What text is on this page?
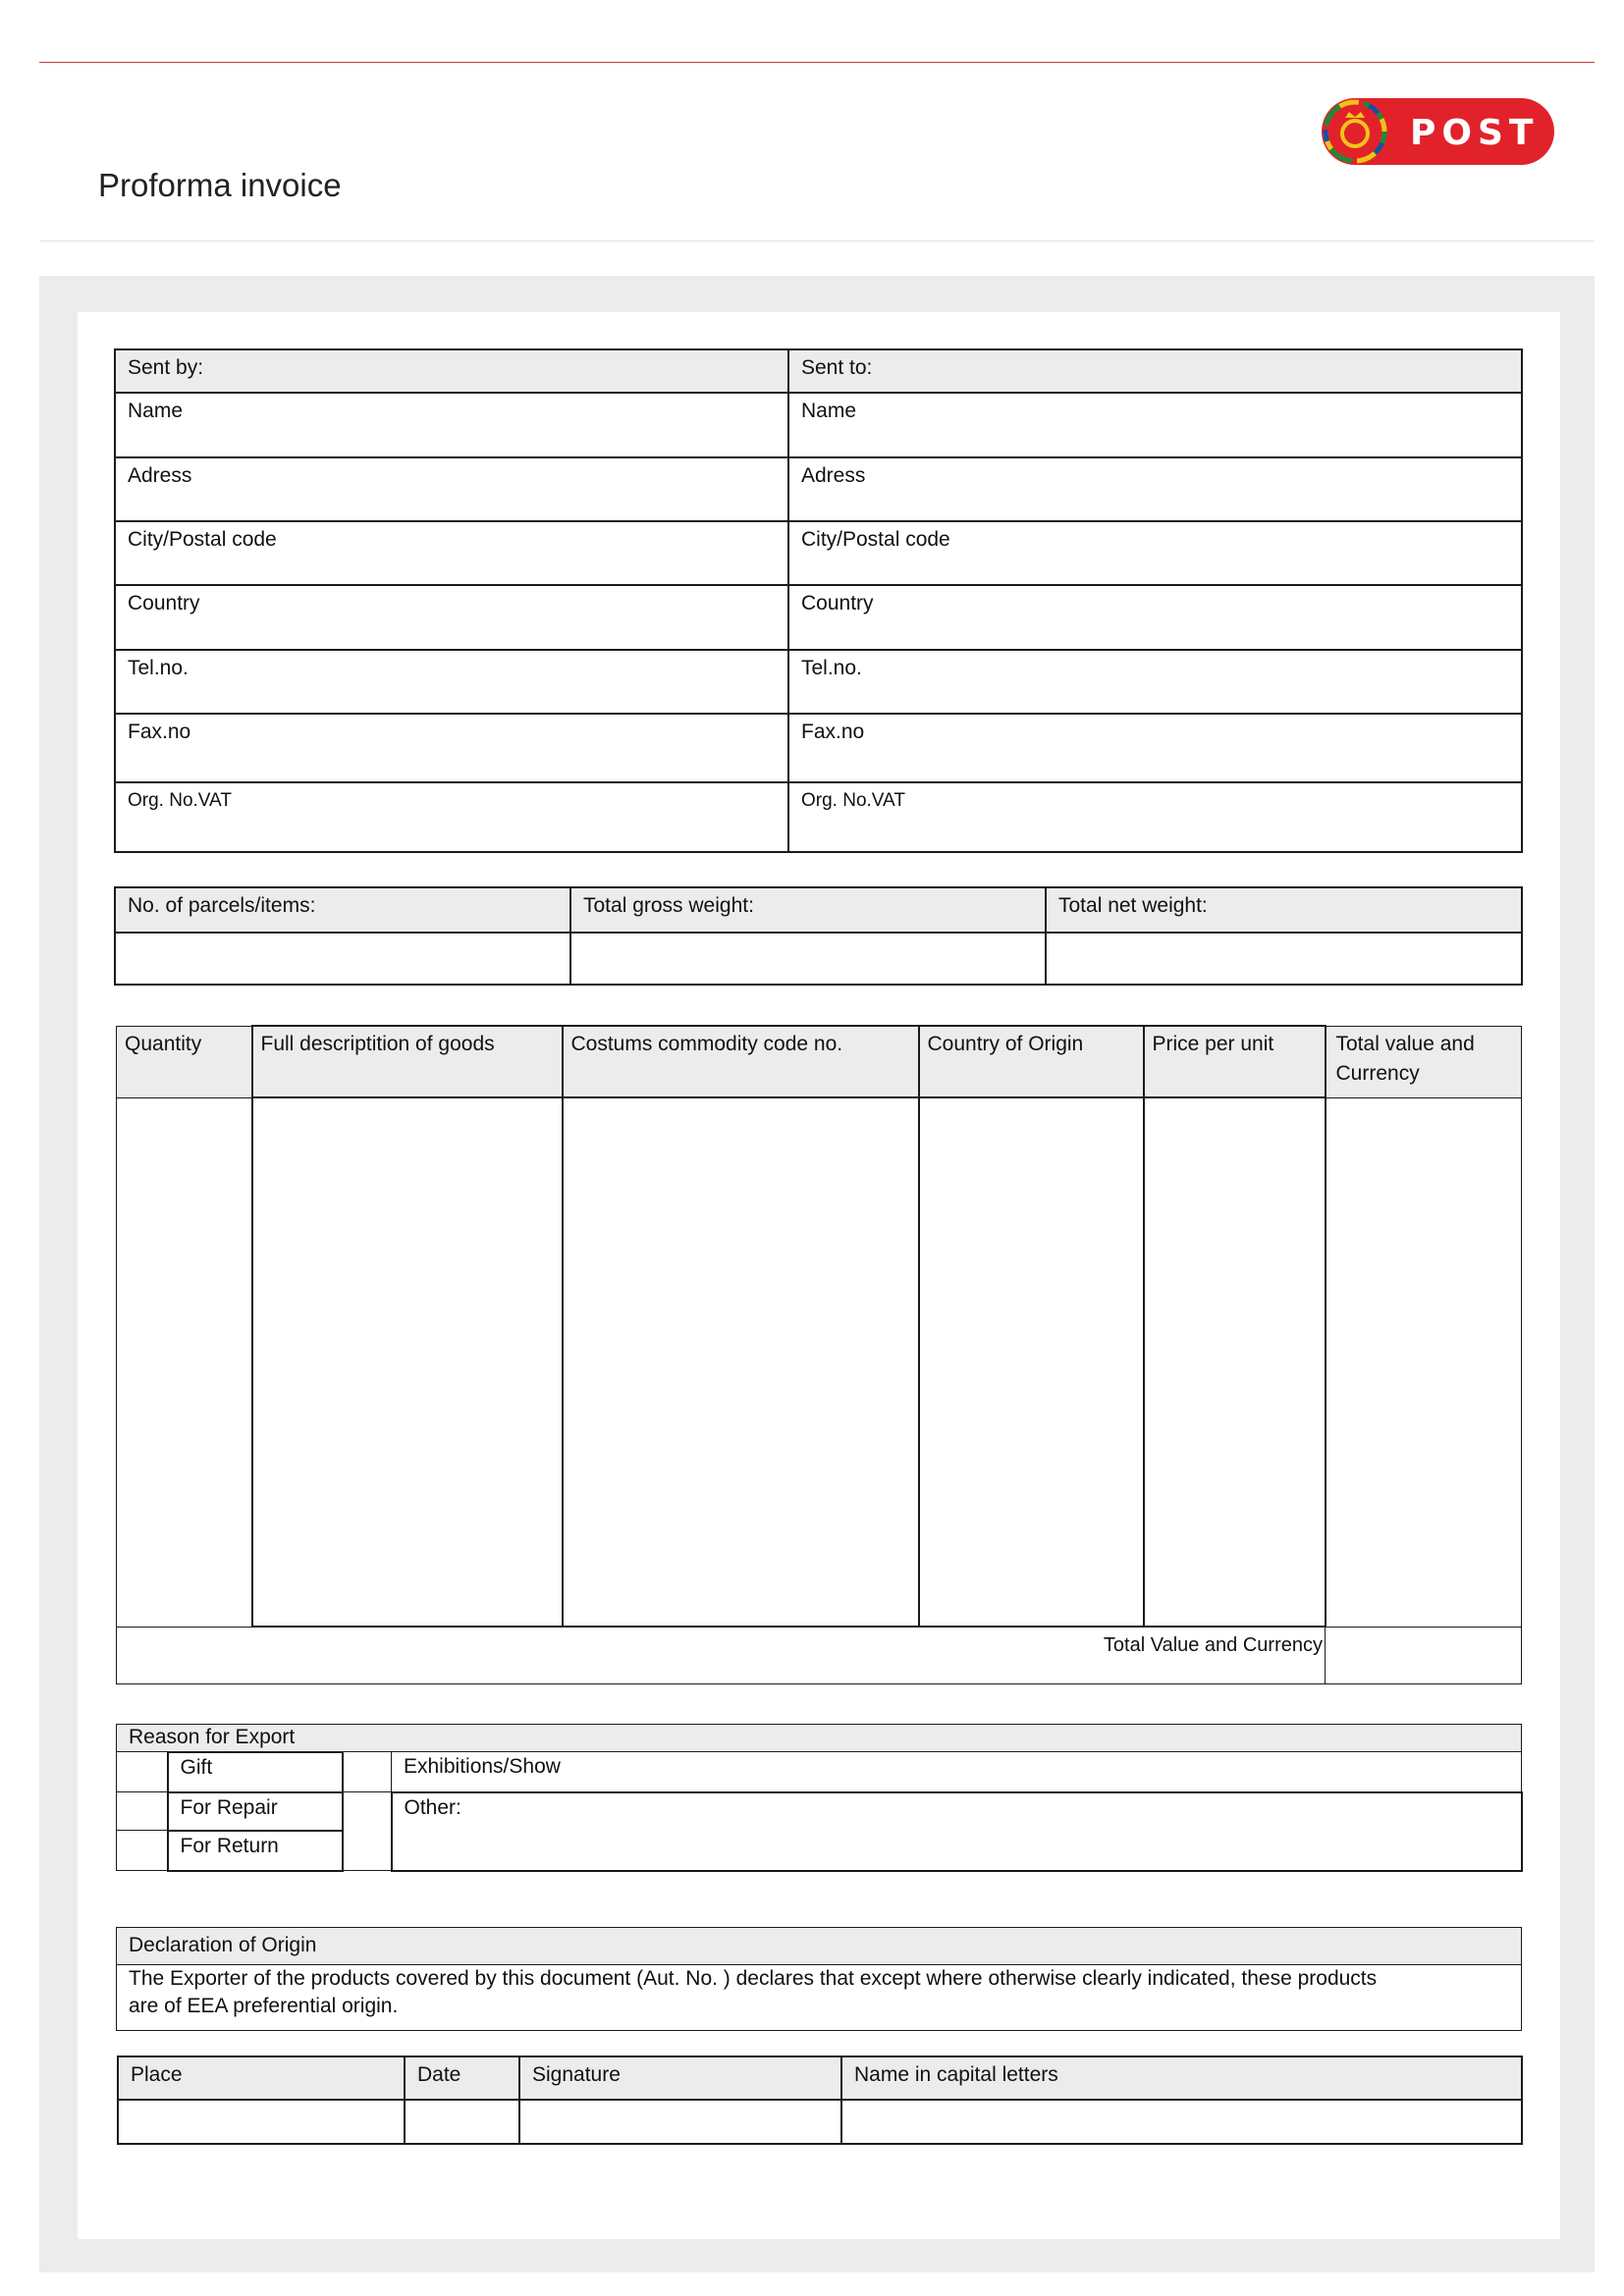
Proforma invoice
POST
Sent by:	Sent to:
Name	Name
Adress	Adress
City/Postal code	City/Postal code
Country	Country
Tel.no.	Tel.no.
Fax.no	Fax.no
Org. No.VAT	Org. No.VAT
No. of parcels/items:	Total gross weight:	Total net weight:

Quantity	Full descriptition of goods	Costums commodity code no.	Country of Origin	Price per unit	Total value and Currency

Total Value and Currency					
Reason for Export			
	Gift		Exhibitions/Show
	For Repair		Other:
	For Return		
Declaration of Origin
The Exporter of the products covered by this document (Aut. No. ) declares that except where otherwise clearly indicated, these products are of EEA preferential origin.
Place	Date	Signature	Name in capital letters
